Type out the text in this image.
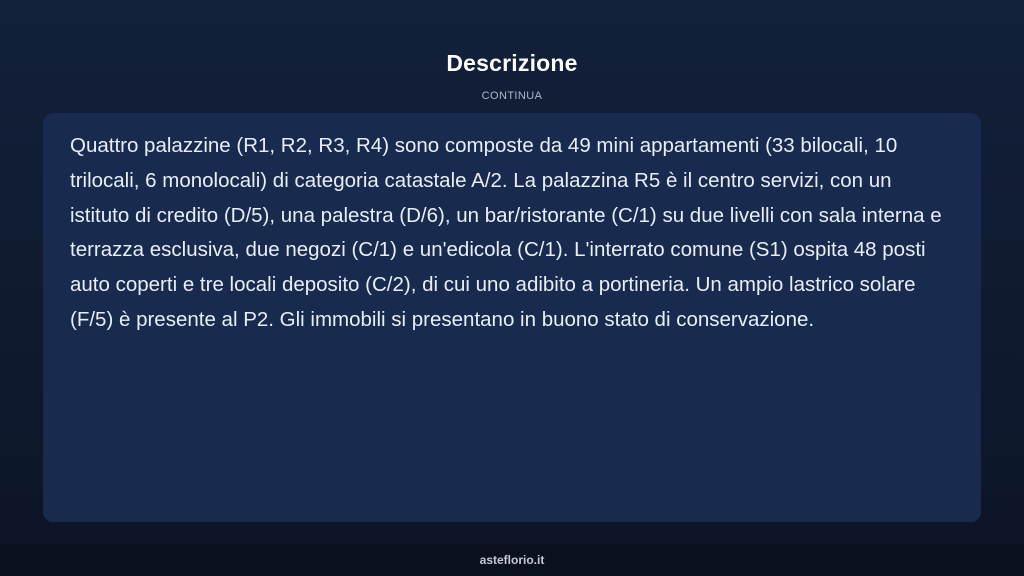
Descrizione
CONTINUA

Quattro palazzine (R1, R2, R3, R4) sono composte da 49 mini appartamenti (33 bilocali, 10 trilocali, 6 monolocali) di categoria catastale A/2. La palazzina R5 è il centro servizi, con un istituto di credito (D/5), una palestra (D/6), un bar/ristorante (C/1) su due livelli con sala interna e terrazza esclusiva, due negozi (C/1) e un'edicola (C/1). L'interrato comune (S1) ospita 48 posti auto coperti e tre locali deposito (C/2), di cui uno adibito a portineria. Un ampio lastrico solare (F/5) è presente al P2. Gli immobili si presentano in buono stato di conservazione.

asteflorio.it
